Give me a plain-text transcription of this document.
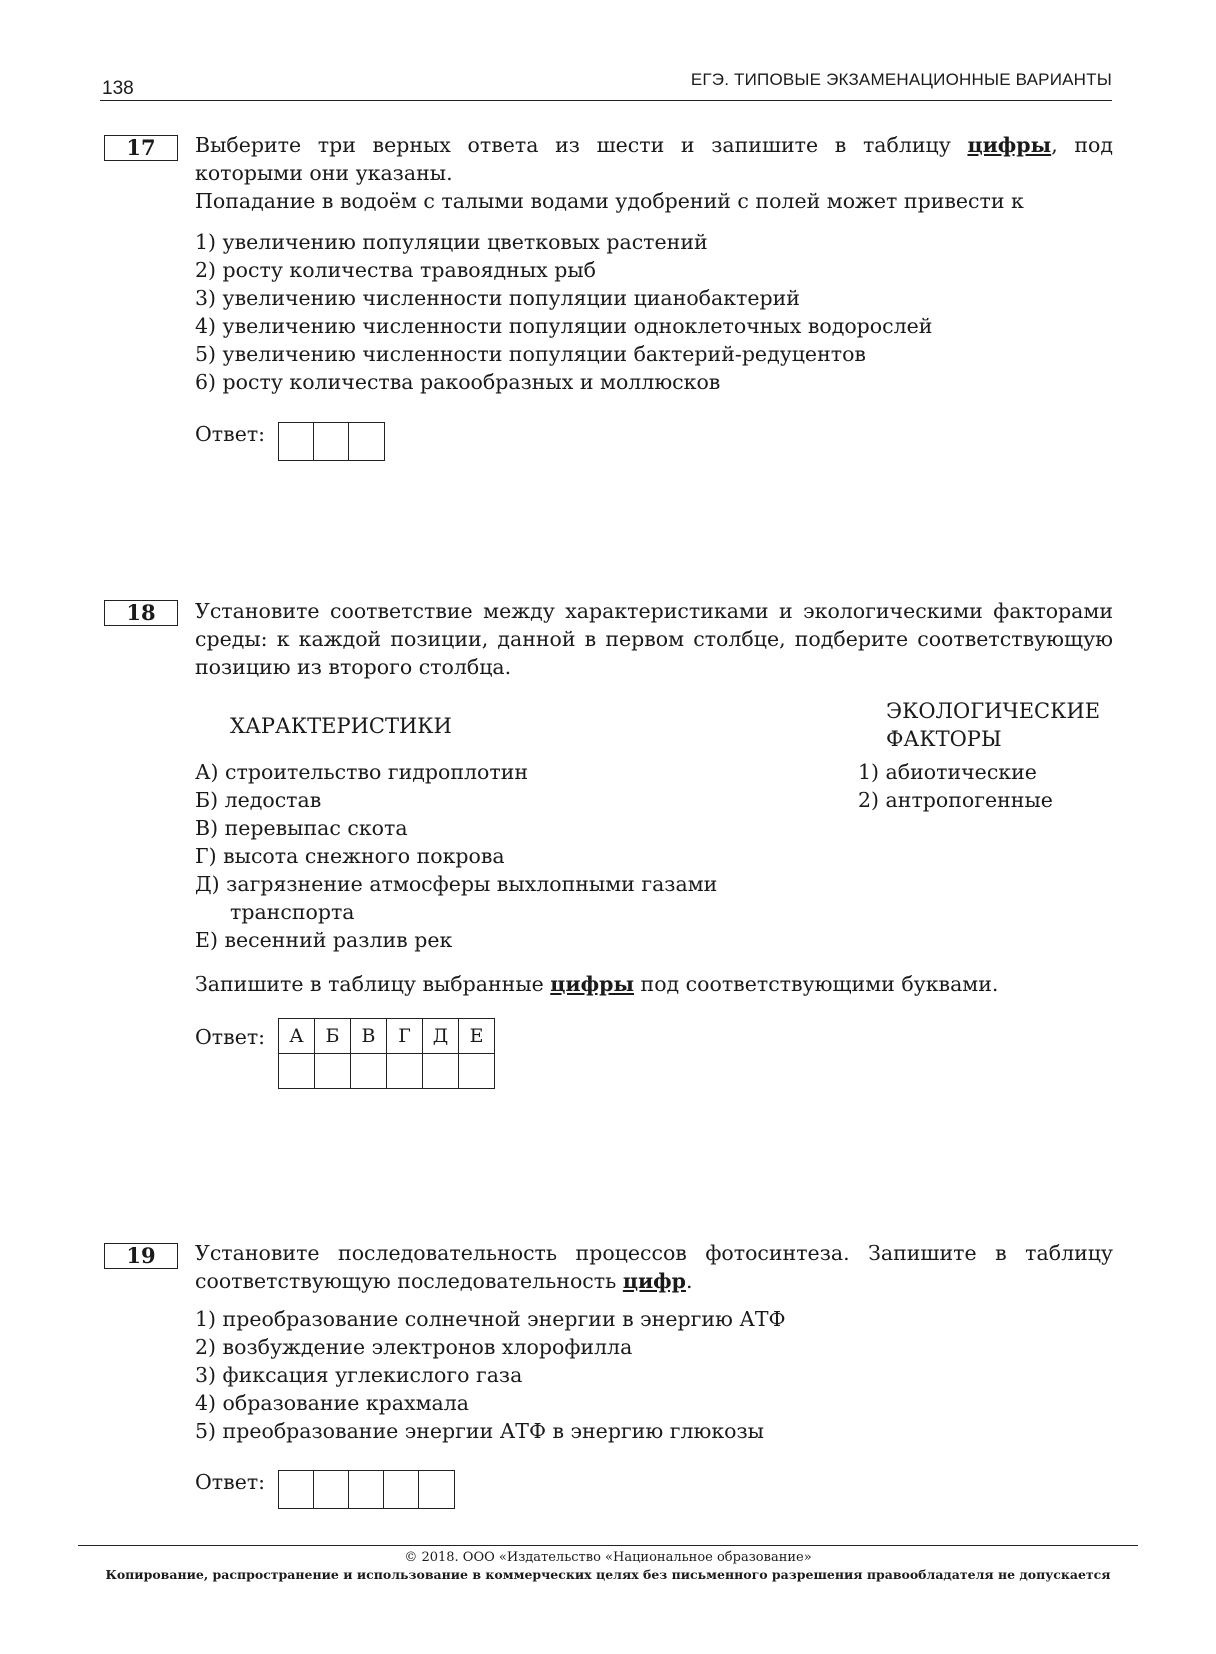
138	ЕГЭ. ТИПОВЫЕ ЭКЗАМЕНАЦИОННЫЕ ВАРИАНТЫ
17	Выберите три верных ответа из шести и запишите в таблицу цифры, под которыми они указаны.
Попадание в водоём с талыми водами удобрений с полей может привести к
1) увеличению популяции цветковых растений
2) росту количества травоядных рыб
3) увеличению численности популяции цианобактерий
4) увеличению численности популяции одноклеточных водорослей
5) увеличению численности популяции бактерий-редуцентов
6) росту количества ракообразных и моллюсков
Ответ:
18	Установите соответствие между характеристиками и экологическими факторами среды: к каждой позиции, данной в первом столбце, подберите соответствующую позицию из второго столбца.
ХАРАКТЕРИСТИКИ
ЭКОЛОГИЧЕСКИЕ
ФАКТОРЫ
А) строительство гидроплотин
Б) ледостав
В) перевыпас скота
Г) высота снежного покрова
Д) загрязнение атмосферы выхлопными газами
транспорта
Е) весенний разлив рек
1) абиотические
2) антропогенные
Запишите в таблицу выбранные цифры под соответствующими буквами.
Ответ: А	Б	В	Г	Д	Е

19	Установите последовательность процессов фотосинтеза. Запишите в таблицу соответствующую последовательность цифр.
1) преобразование солнечной энергии в энергию АТФ
2) возбуждение электронов хлорофилла
3) фиксация углекислого газа
4) образование крахмала
5) преобразование энергии АТФ в энергию глюкозы
Ответ:
© 2018. ООО «Издательство «Национальное образование»
Копирование, распространение и использование в коммерческих целях без письменного разрешения правообладателя не допускается
